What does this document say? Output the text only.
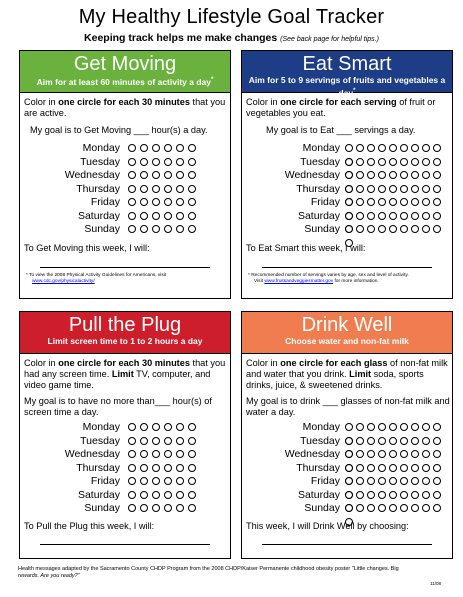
My Healthy Lifestyle Goal Tracker
Keeping track helps me make changes (See back page for helpful tips.)
Get Moving
Aim for at least 60 minutes of activity a day*
Color in one circle for each 30 minutes that you are active.
My goal is to Get Moving ___ hour(s) a day.
Monday
Tuesday
Wednesday
Thursday
Friday
Saturday
Sunday
To Get Moving this week, I will:
* To view the 2008 Physical Activity Guidelines for Americans, visit
www.cdc.gov/physicalactivity/
Eat Smart
Aim for 5 to 9 servings of fruits and vegetables a day*
Color in one circle for each serving of fruit or vegetables you eat.
My goal is to Eat ___ servings a day.
Monday
Tuesday
Wednesday
Thursday
Friday
Saturday
Sunday
To Eat Smart this week, I will:
* Recommended number of servings varies by age, sex and level of activity.
Visit www.fruitsandveggiesmatter.gov for more information.
Pull the Plug
Limit screen time to 1 to 2 hours a day
Color in one circle for each 30 minutes that you had any screen time. Limit TV, computer, and video game time.
My goal is to have no more than___ hour(s) of screen time a day.
Monday
Tuesday
Wednesday
Thursday
Friday
Saturday
Sunday
To Pull the Plug this week, I will:
Drink Well
Choose water and non-fat milk
Color in one circle for each glass of non-fat milk and water that you drink. Limit soda, sports drinks, juice, & sweetened drinks.
My goal is to drink ___ glasses of non-fat milk and water a day.
Monday
Tuesday
Wednesday
Thursday
Friday
Saturday
Sunday
This week, I will Drink Well by choosing:
Health messages adapted by the Sacramento County CHDP Program from the 2008 CHDP/Kaiser Permanente childhood obesity poster "Little changes. Big
rewards. Are you ready?"
11/08
